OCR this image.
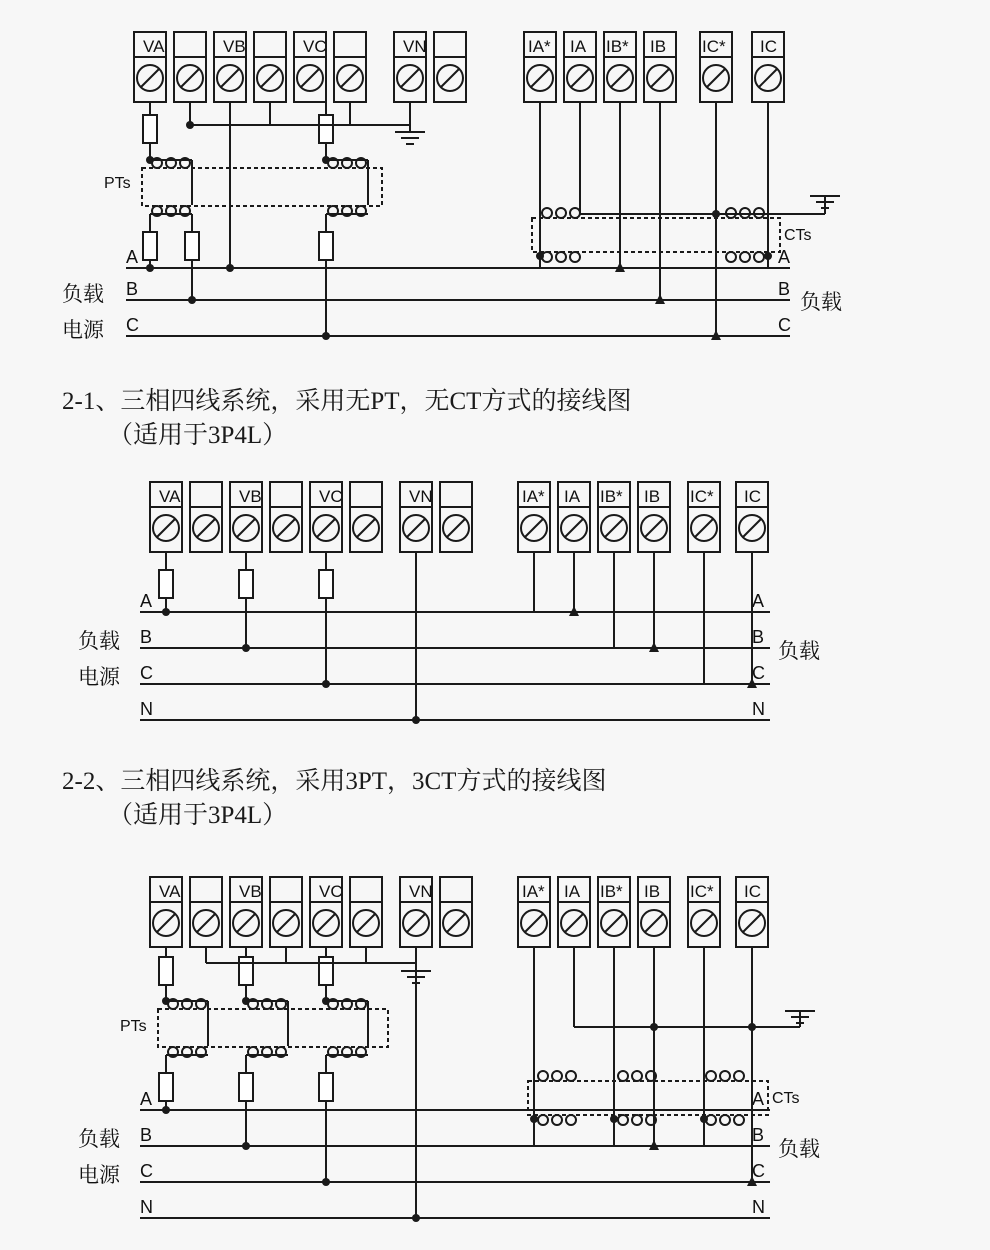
VA	VB	VC	VN	IA* IA IB* IB IC* IC
PTs
CTs
A
B
C
A
B
C
负载
电源
负载
2-1、三相四线系统，采用无PT，无CT方式的接线图
（适用于3P4L）
VA	VB	VC	VN	IA* IA IB* IB IC* IC
A
B
C
N
A
B
C
N
负载
电源
负载
2-2、三相四线系统，采用3PT，3CT方式的接线图
（适用于3P4L）
VA	VB	VC	VN	IA* IA IB* IB IC* IC
PTs
CTs
A
B
C
N
A
B
C
N
负载
电源
负载
